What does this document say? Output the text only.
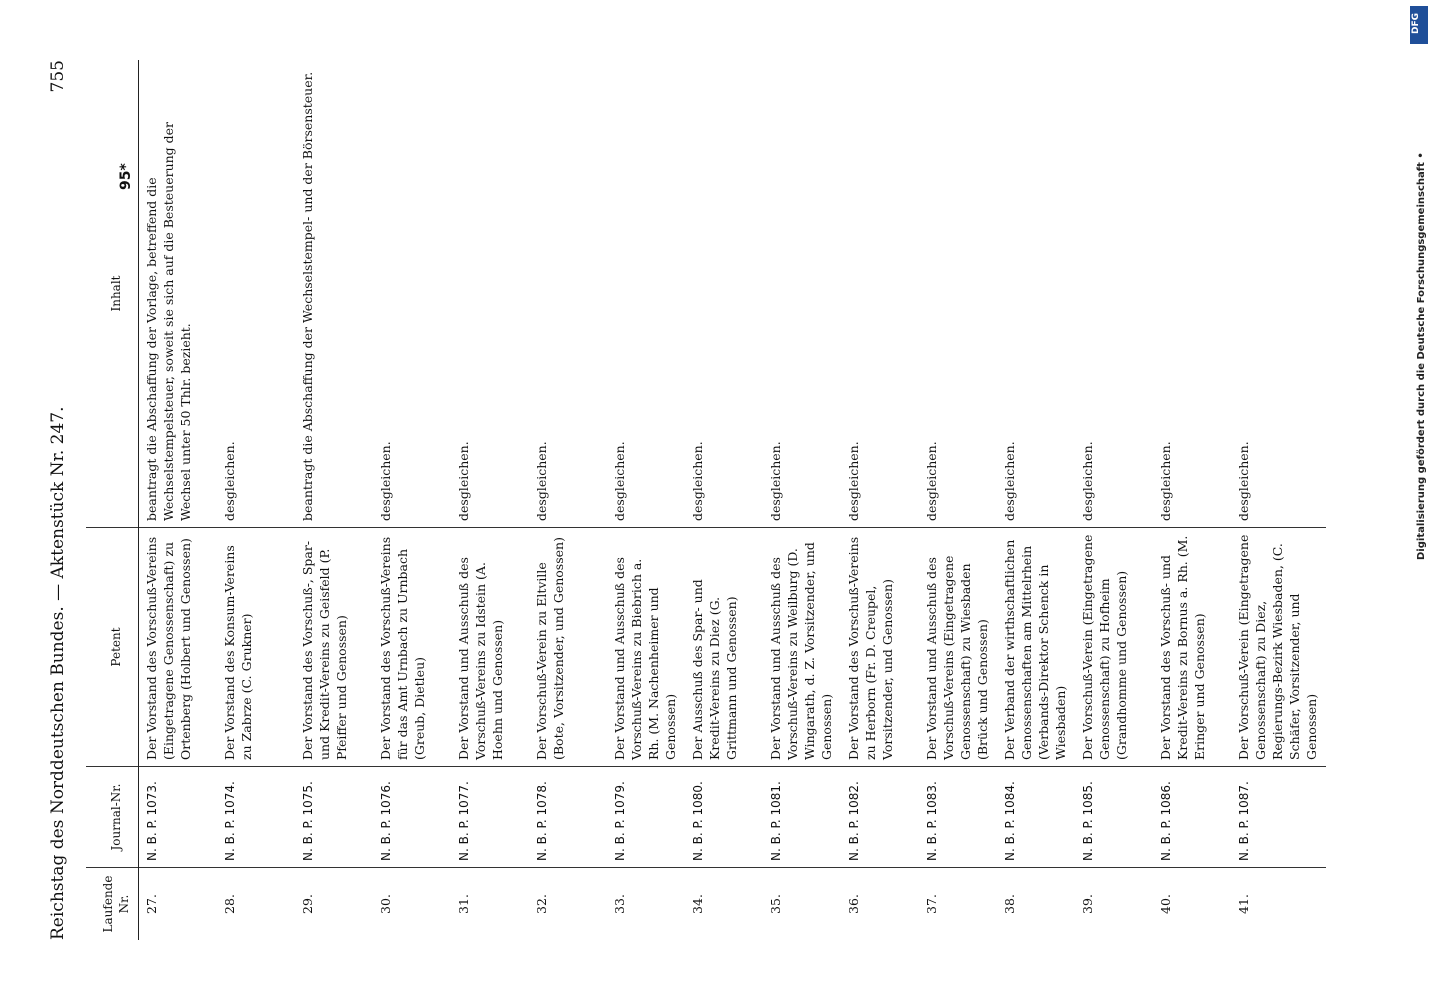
Reichstag des Norddeutschen Bundes. — Aktenstück Nr. 247.
755
Laufende Nr.	Journal-Nr.	Petent	Inhalt
27.	N. B. P. 1073.	Der Vorstand des Vorschuß-Vereins (Eingetragene Genossenschaft) zu Ortenberg (Holbert und Genossen)	beantragt die Abschaffung der Vorlage, betreffend die Wechselstempelsteuer, soweit sie sich auf die Besteuerung der Wechsel unter 50 Thlr. bezieht.
28.	N. B. P. 1074.	Der Vorstand des Konsum-Vereins zu Zabrze (C. Grukner)	desgleichen.
29.	N. B. P. 1075.	Der Vorstand des Vorschuß-, Spar- und Kredit-Vereins zu Geisfeld (P. Pfeiffer und Genossen)	beantragt die Abschaffung der Wechselstempel- und der Börsensteuer.
30.	N. B. P. 1076.	Der Vorstand des Vorschuß-Vereins für das Amt Urnbach zu Urnbach (Greub, Dietleu)	desgleichen.
31.	N. B. P. 1077.	Der Vorstand und Ausschuß des Vorschuß-Vereins zu Idstein (A. Hoehn und Genossen)	desgleichen.
32.	N. B. P. 1078.	Der Vorschuß-Verein zu Eltville (Bote, Vorsitzender, und Genossen)	desgleichen.
33.	N. B. P. 1079.	Der Vorstand und Ausschuß des Vorschuß-Vereins zu Biebrich a. Rh. (M. Nachenheimer und Genossen)	desgleichen.
34.	N. B. P. 1080.	Der Ausschuß des Spar- und Kredit-Vereins zu Diez (G. Grittmann und Genossen)	desgleichen.
35.	N. B. P. 1081.	Der Vorstand und Ausschuß des Vorschuß-Vereins zu Weilburg (D. Wingarath, d. Z. Vorsitzender, und Genossen)	desgleichen.
36.	N. B. P. 1082.	Der Vorstand des Vorschuß-Vereins zu Herborn (Fr. D. Creupel, Vorsitzender, und Genossen)	desgleichen.
37.	N. B. P. 1083.	Der Vorstand und Ausschuß des Vorschuß-Vereins (Eingetragene Genossenschaft) zu Wiesbaden (Brück und Genossen)	desgleichen.
38.	N. B. P. 1084.	Der Verband der wirthschaftlichen Genossenschaften am Mittelrhein (Verbands-Direktor Schenck in Wiesbaden)	desgleichen.
39.	N. B. P. 1085.	Der Vorschuß-Verein (Eingetragene Genossenschaft) zu Hofheim (Grandhomme und Genossen)	desgleichen.
40.	N. B. P. 1086.	Der Vorstand des Vorschuß- und Kredit-Vereins zu Bornus a. Rh. (M. Eringer und Genossen)	desgleichen.
41.	N. B. P. 1087.	Der Vorschuß-Verein (Eingetragene Genossenschaft) zu Diez, Regierungs-Bezirk Wiesbaden, (C. Schäfer, Vorsitzender, und Genossen)	desgleichen.
95*
DFG
Digitalisierung gefördert durch die Deutsche Forschungsgemeinschaft •
